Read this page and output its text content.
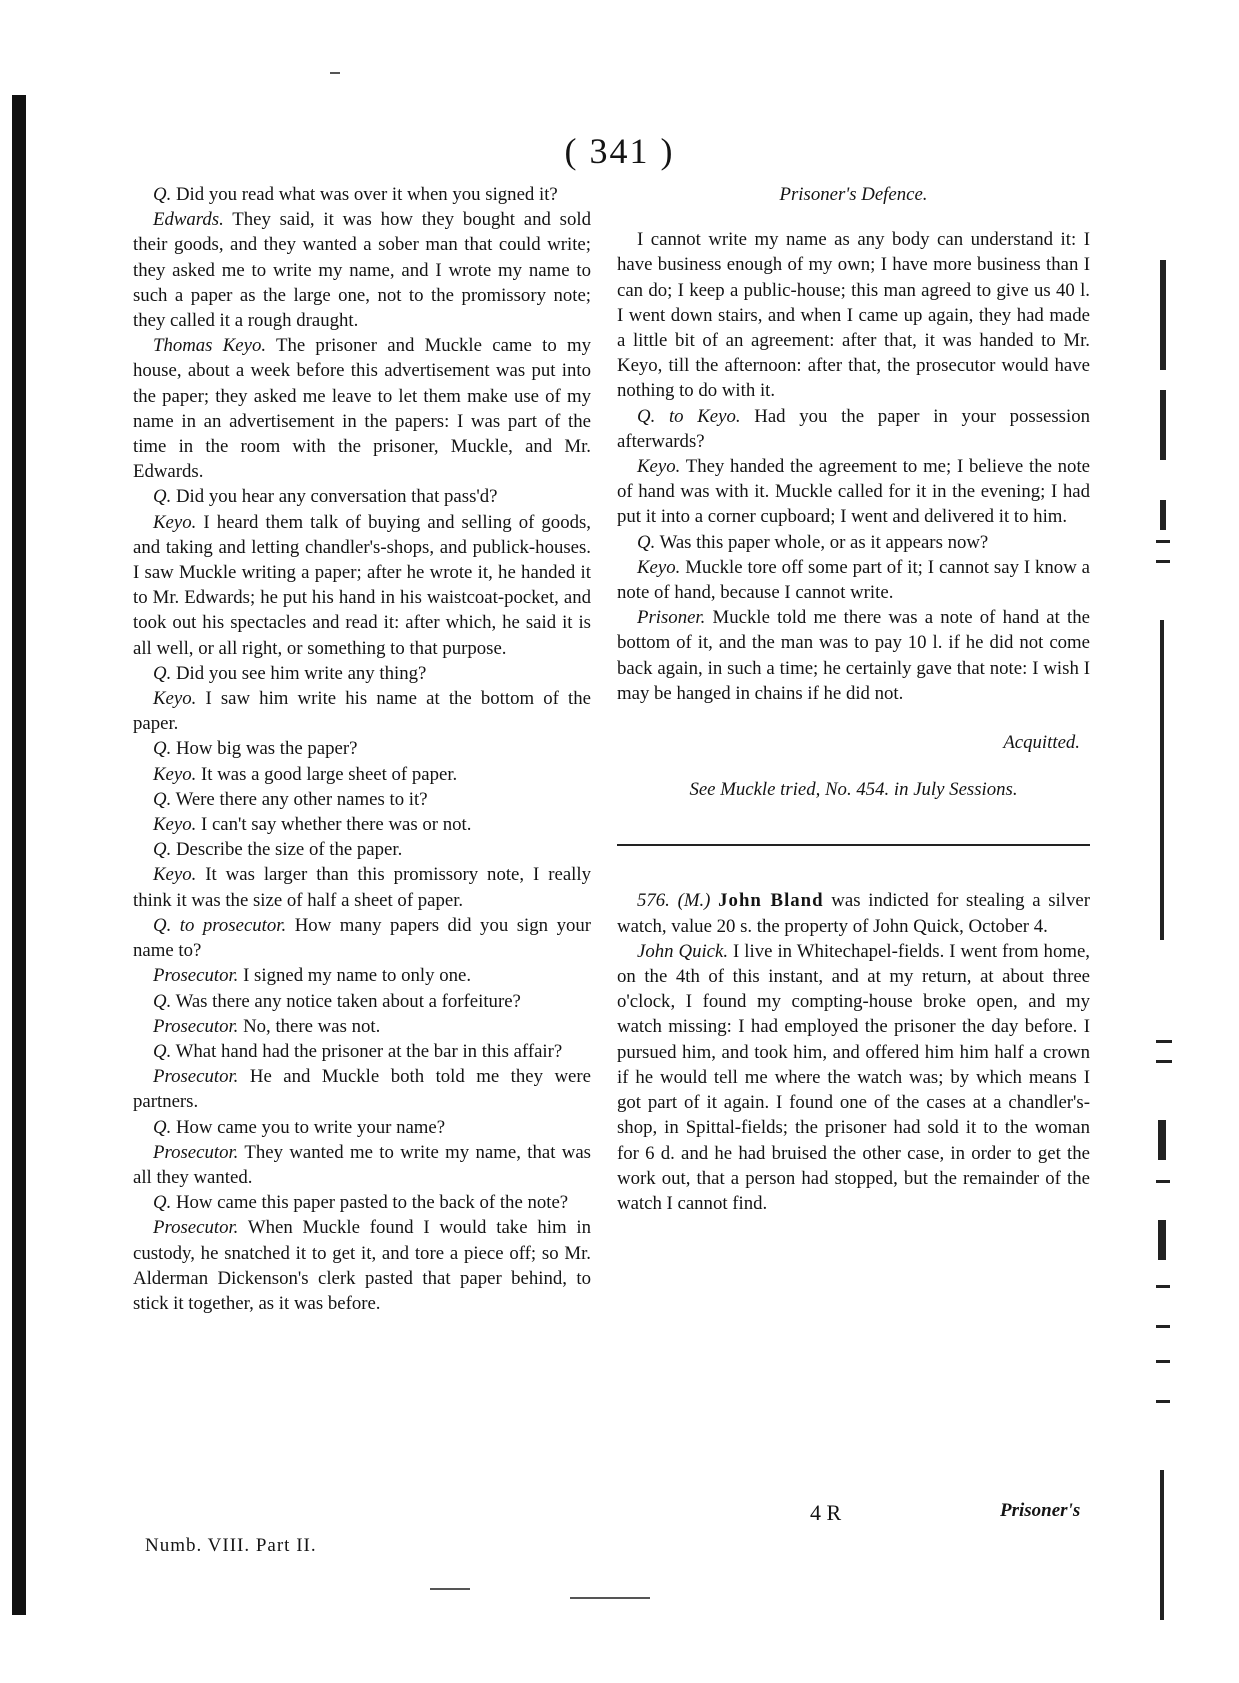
( 341 )

Q. Did you read what was over it when you signed it?

Edwards. They said, it was how they bought and sold their goods, and they wanted a sober man that could write; they asked me to write my name, and I wrote my name to such a paper as the large one, not to the promissory note; they called it a rough draught.

Thomas Keyo. The prisoner and Muckle came to my house, about a week before this advertisement was put into the paper; they asked me leave to let them make use of my name in an advertisement in the papers: I was part of the time in the room with the prisoner, Muckle, and Mr. Edwards.

Q. Did you hear any conversation that pass'd?

Keyo. I heard them talk of buying and selling of goods, and taking and letting chandler's-shops, and publick-houses. I saw Muckle writing a paper; after he wrote it, he handed it to Mr. Edwards; he put his hand in his waistcoat-pocket, and took out his spectacles and read it: after which, he said it is all well, or all right, or something to that purpose.

Q. Did you see him write any thing?

Keyo. I saw him write his name at the bottom of the paper.

Q. How big was the paper?

Keyo. It was a good large sheet of paper.

Q. Were there any other names to it?

Keyo. I can't say whether there was or not.

Q. Describe the size of the paper.

Keyo. It was larger than this promissory note, I really think it was the size of half a sheet of paper.

Q. to prosecutor. How many papers did you sign your name to?

Prosecutor. I signed my name to only one.

Q. Was there any notice taken about a forfeiture?

Prosecutor. No, there was not.

Q. What hand had the prisoner at the bar in this affair?

Prosecutor. He and Muckle both told me they were partners.

Q. How came you to write your name?

Prosecutor. They wanted me to write my name, that was all they wanted.

Q. How came this paper pasted to the back of the note?

Prosecutor. When Muckle found I would take him in custody, he snatched it to get it, and tore a piece off; so Mr. Alderman Dickenson's clerk pasted that paper behind, to stick it together, as it was before.

Prisoner's Defence.

I cannot write my name as any body can understand it: I have business enough of my own; I have more business than I can do; I keep a public-house; this man agreed to give us 40 l. I went down stairs, and when I came up again, they had made a little bit of an agreement: after that, it was handed to Mr. Keyo, till the afternoon: after that, the prosecutor would have nothing to do with it.

Q. to Keyo. Had you the paper in your possession afterwards?

Keyo. They handed the agreement to me; I believe the note of hand was with it. Muckle called for it in the evening; I had put it into a corner cupboard; I went and delivered it to him.

Q. Was this paper whole, or as it appears now?

Keyo. Muckle tore off some part of it; I cannot say I know a note of hand, because I cannot write.

Prisoner. Muckle told me there was a note of hand at the bottom of it, and the man was to pay 10 l. if he did not come back again, in such a time; he certainly gave that note: I wish I may be hanged in chains if he did not.

Acquitted.

See Muckle tried, No. 454. in July Sessions.

576. (M.) John Bland was indicted for stealing a silver watch, value 20 s. the property of John Quick, October 4.

John Quick. I live in Whitechapel-fields. I went from home, on the 4th of this instant, and at my return, at about three o'clock, I found my compting-house broke open, and my watch missing: I had employed the prisoner the day before. I pursued him, and took him, and offered him him half a crown if he would tell me where the watch was; by which means I got part of it again. I found one of the cases at a chandler's-shop, in Spittal-fields; the prisoner had sold it to the woman for 6 d. and he had bruised the other case, in order to get the work out, that a person had stopped, but the remainder of the watch I cannot find.

Numb. VIII. Part II.
4 R	Prisoner's
